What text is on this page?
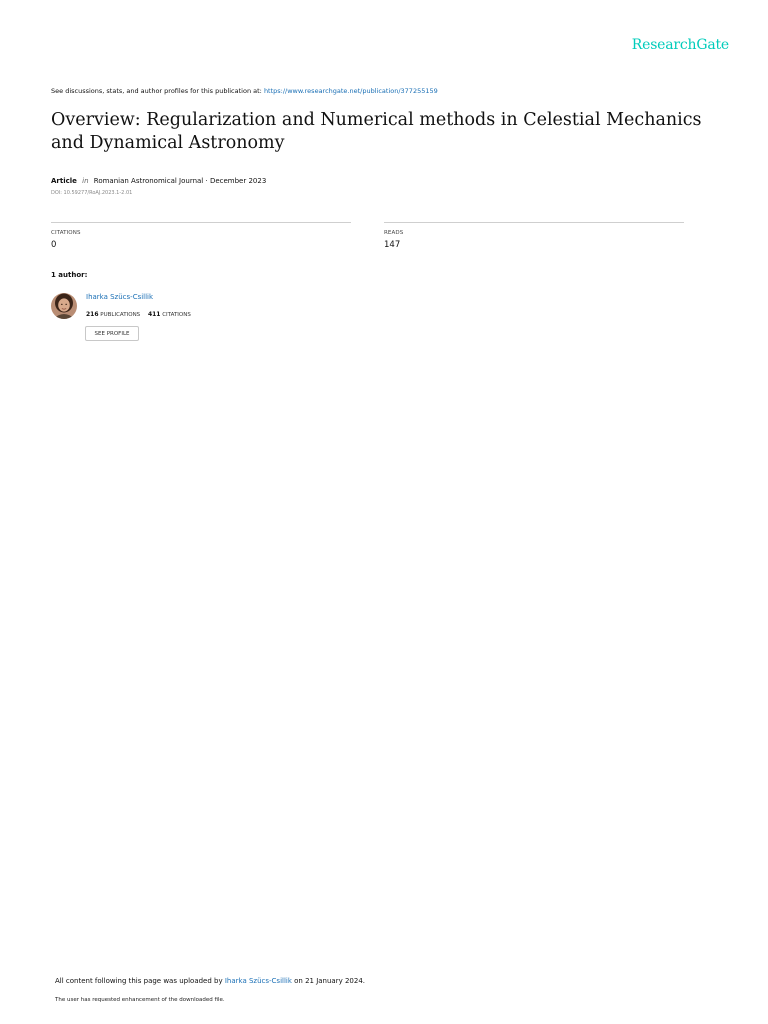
ResearchGate
See discussions, stats, and author profiles for this publication at: https://www.researchgate.net/publication/377255159
Overview: Regularization and Numerical methods in Celestial Mechanics and Dynamical Astronomy
Article in Romanian Astronomical Journal · December 2023
DOI: 10.59277/RoAJ.2023.1-2.01
CITATIONS
0
READS
147
1 author:
Iharka Szücs-Csillik
216 PUBLICATIONS 411 CITATIONS
SEE PROFILE
All content following this page was uploaded by Iharka Szücs-Csillik on 21 January 2024.
The user has requested enhancement of the downloaded file.
